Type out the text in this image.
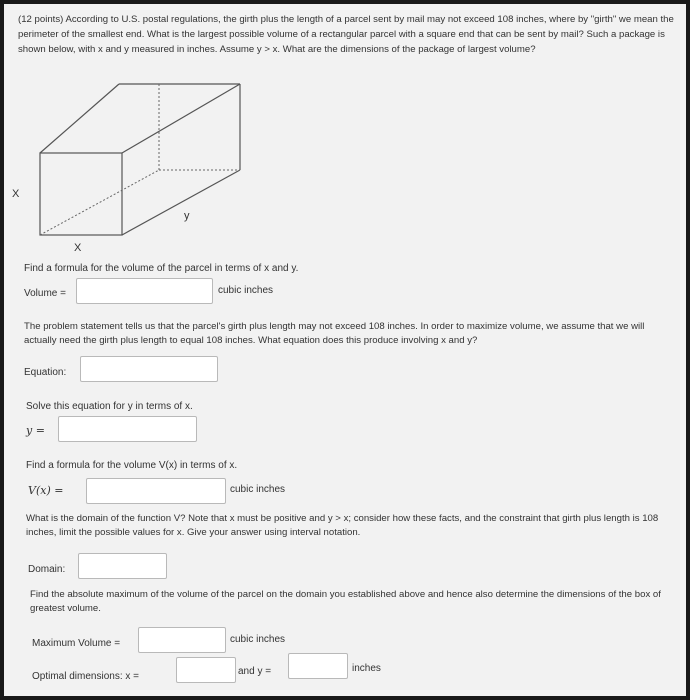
(12 points) According to U.S. postal regulations, the girth plus the length of a parcel sent by mail may not exceed 108 inches, where by "girth" we mean the perimeter of the smallest end. What is the largest possible volume of a rectangular parcel with a square end that can be sent by mail? Such a package is shown below, with x and y measured in inches. Assume y > x. What are the dimensions of the package of largest volume?
X
y
X
Find a formula for the volume of the parcel in terms of x and y.
Volume =	cubic inches
The problem statement tells us that the parcel's girth plus length may not exceed 108 inches. In order to maximize volume, we assume that we will actually need the girth plus length to equal 108 inches. What equation does this produce involving x and y?
Equation:
Solve this equation for y in terms of x.
y =
Find a formula for the volume V(x) in terms of x.
V(x) =	cubic inches
What is the domain of the function V? Note that x must be positive and y > x; consider how these facts, and the constraint that girth plus length is 108 inches, limit the possible values for x. Give your answer using interval notation.
Domain:
Find the absolute maximum of the volume of the parcel on the domain you established above and hence also determine the dimensions of the box of greatest volume.
Maximum Volume =	cubic inches
Optimal dimensions: x =	and y =	inches
